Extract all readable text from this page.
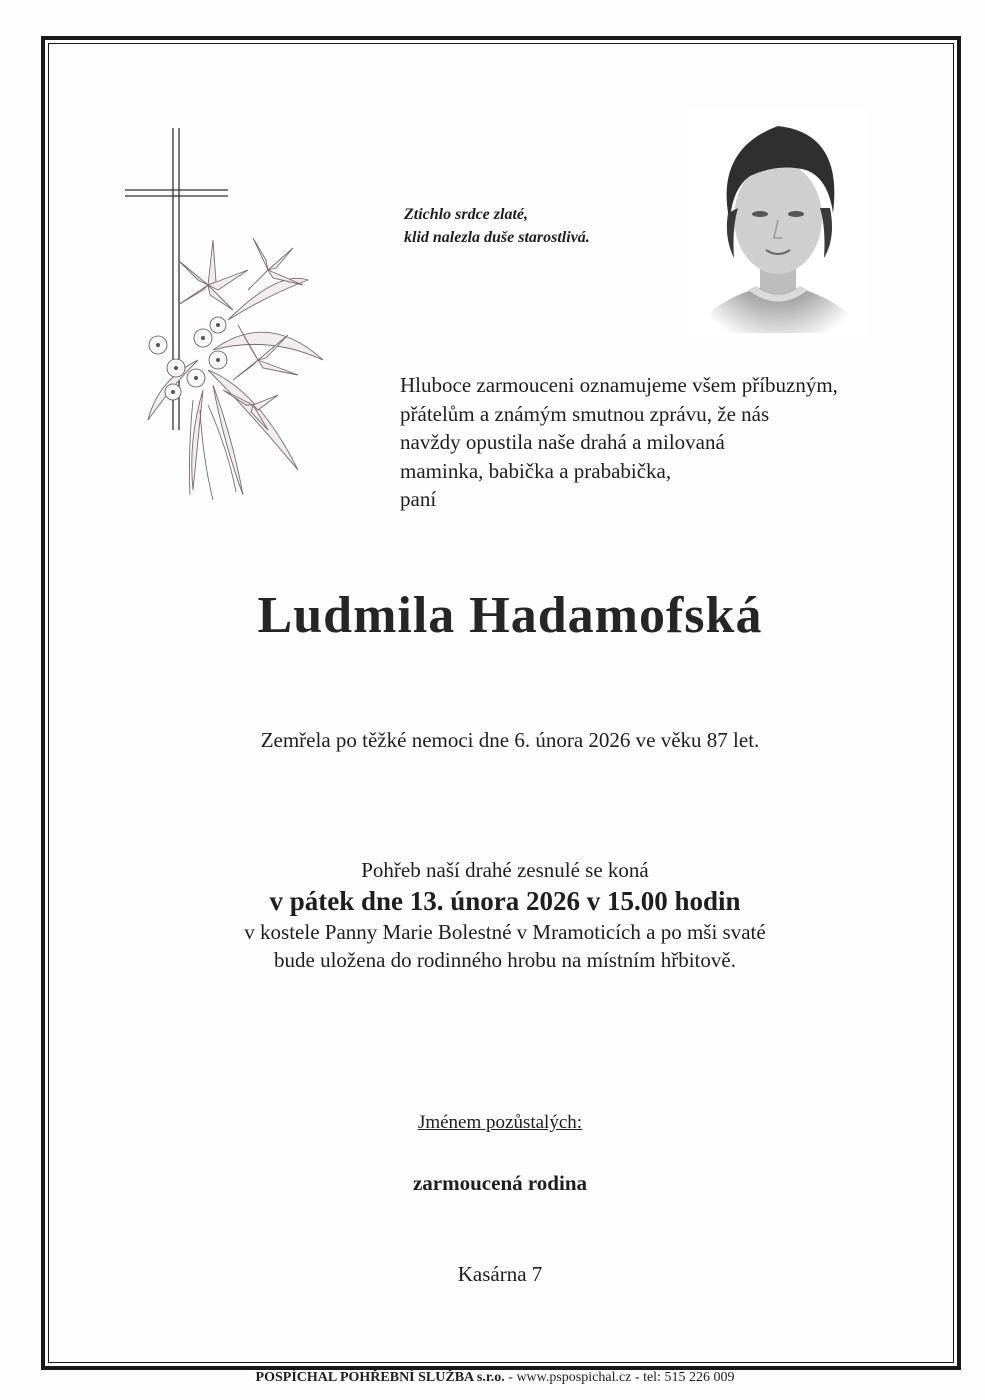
Ztichlo srdce zlaté,
klid nalezla duše starostlivá.
Hluboce zarmouceni oznamujeme všem příbuzným,
přátelům a známým smutnou zprávu, že nás
navždy opustila naše drahá a milovaná
maminka, babička a prababička,
paní
Ludmila Hadamofská
Zemřela po těžké nemoci dne 6. února 2026 ve věku 87 let.
Pohřeb naší drahé zesnulé se koná
v pátek dne 13. února 2026 v 15.00 hodin
v kostele Panny Marie Bolestné v Mramoticích a po mši svaté
bude uložena do rodinného hrobu na místním hřbitově.
Jménem pozůstalých:
zarmoucená rodina
Kasárna 7
POSPÍCHAL POHŘEBNÍ SLUŽBA s.r.o. - www.pspospichal.cz - tel: 515 226 009
